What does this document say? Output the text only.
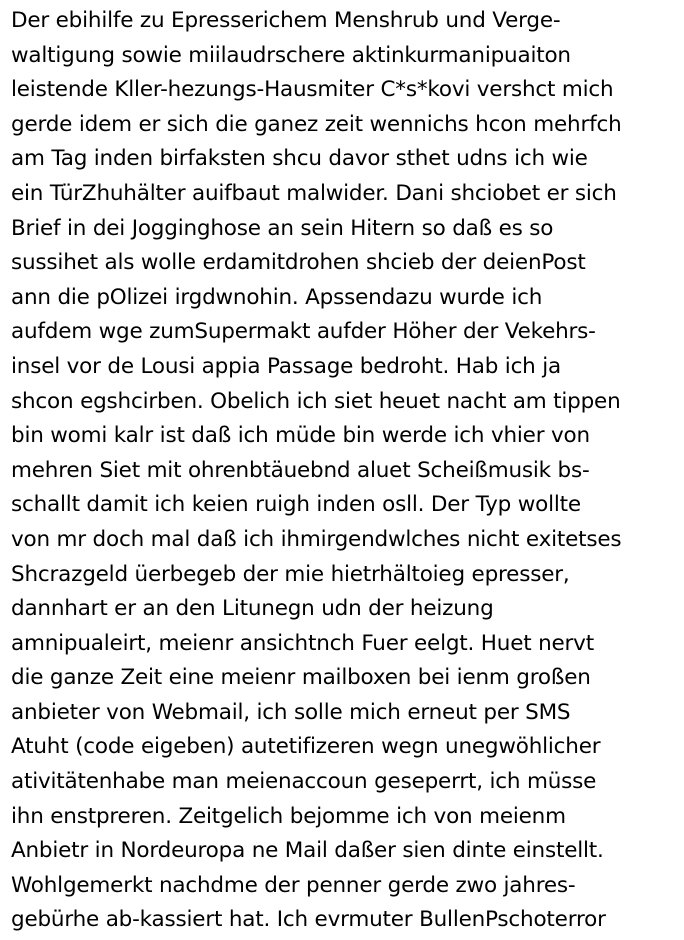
Der ebihilfe zu Epresserichem Menshrub und Verge-
waltigung sowie miilaudrschere aktinkurmanipuaiton
leistende Kller-hezungs-Hausmiter C*s*kovi vershct mich
gerde idem er sich die ganez zeit wennichs hcon mehrfch
am Tag inden birfaksten shcu davor sthet udns ich wie
ein TürZhuhälter auifbaut malwider. Dani shciobet er sich
Brief in dei Jogginghose an sein Hitern so daß es so
sussihet als wolle erdamitdrohen shcieb der deienPost
ann die pOlizei irgdwnohin. Apssendazu wurde ich
aufdem wge zumSupermakt aufder Höher der Vekehrs-
insel vor de Lousi appia Passage bedroht. Hab ich ja
shcon egshcirben. Obelich ich siet heuet nacht am tippen
bin womi kalr ist daß ich müde bin werde ich vhier von
mehren Siet mit ohrenbtäuebnd aluet Scheißmusik bs-
schallt damit ich keien ruigh inden osll. Der Typ wollte
von mr doch mal daß ich ihmirgendwlches nicht exitetses
Shcrazgeld üerbegeb der mie hietrhältoieg epresser,
dannhart er an den Litunegn udn der heizung
amnipualeirt, meienr ansichtnch Fuer eelgt. Huet nervt
die ganze Zeit eine meienr mailboxen bei ienm großen
anbieter von Webmail, ich solle mich erneut per SMS
Atuht (code eigeben) autetifizeren wegn unegwöhlicher
ativitätenhabe man meienaccoun geseperrt, ich müsse
ihn enstpreren. Zeitgelich bejomme ich von meienm
Anbietr in Nordeuropa ne Mail daßer sien dinte einstellt.
Wohlgemerkt nachdme der penner gerde zwo jahres-
gebürhe ab-kassiert hat. Ich evrmuter BullenPschoterror
